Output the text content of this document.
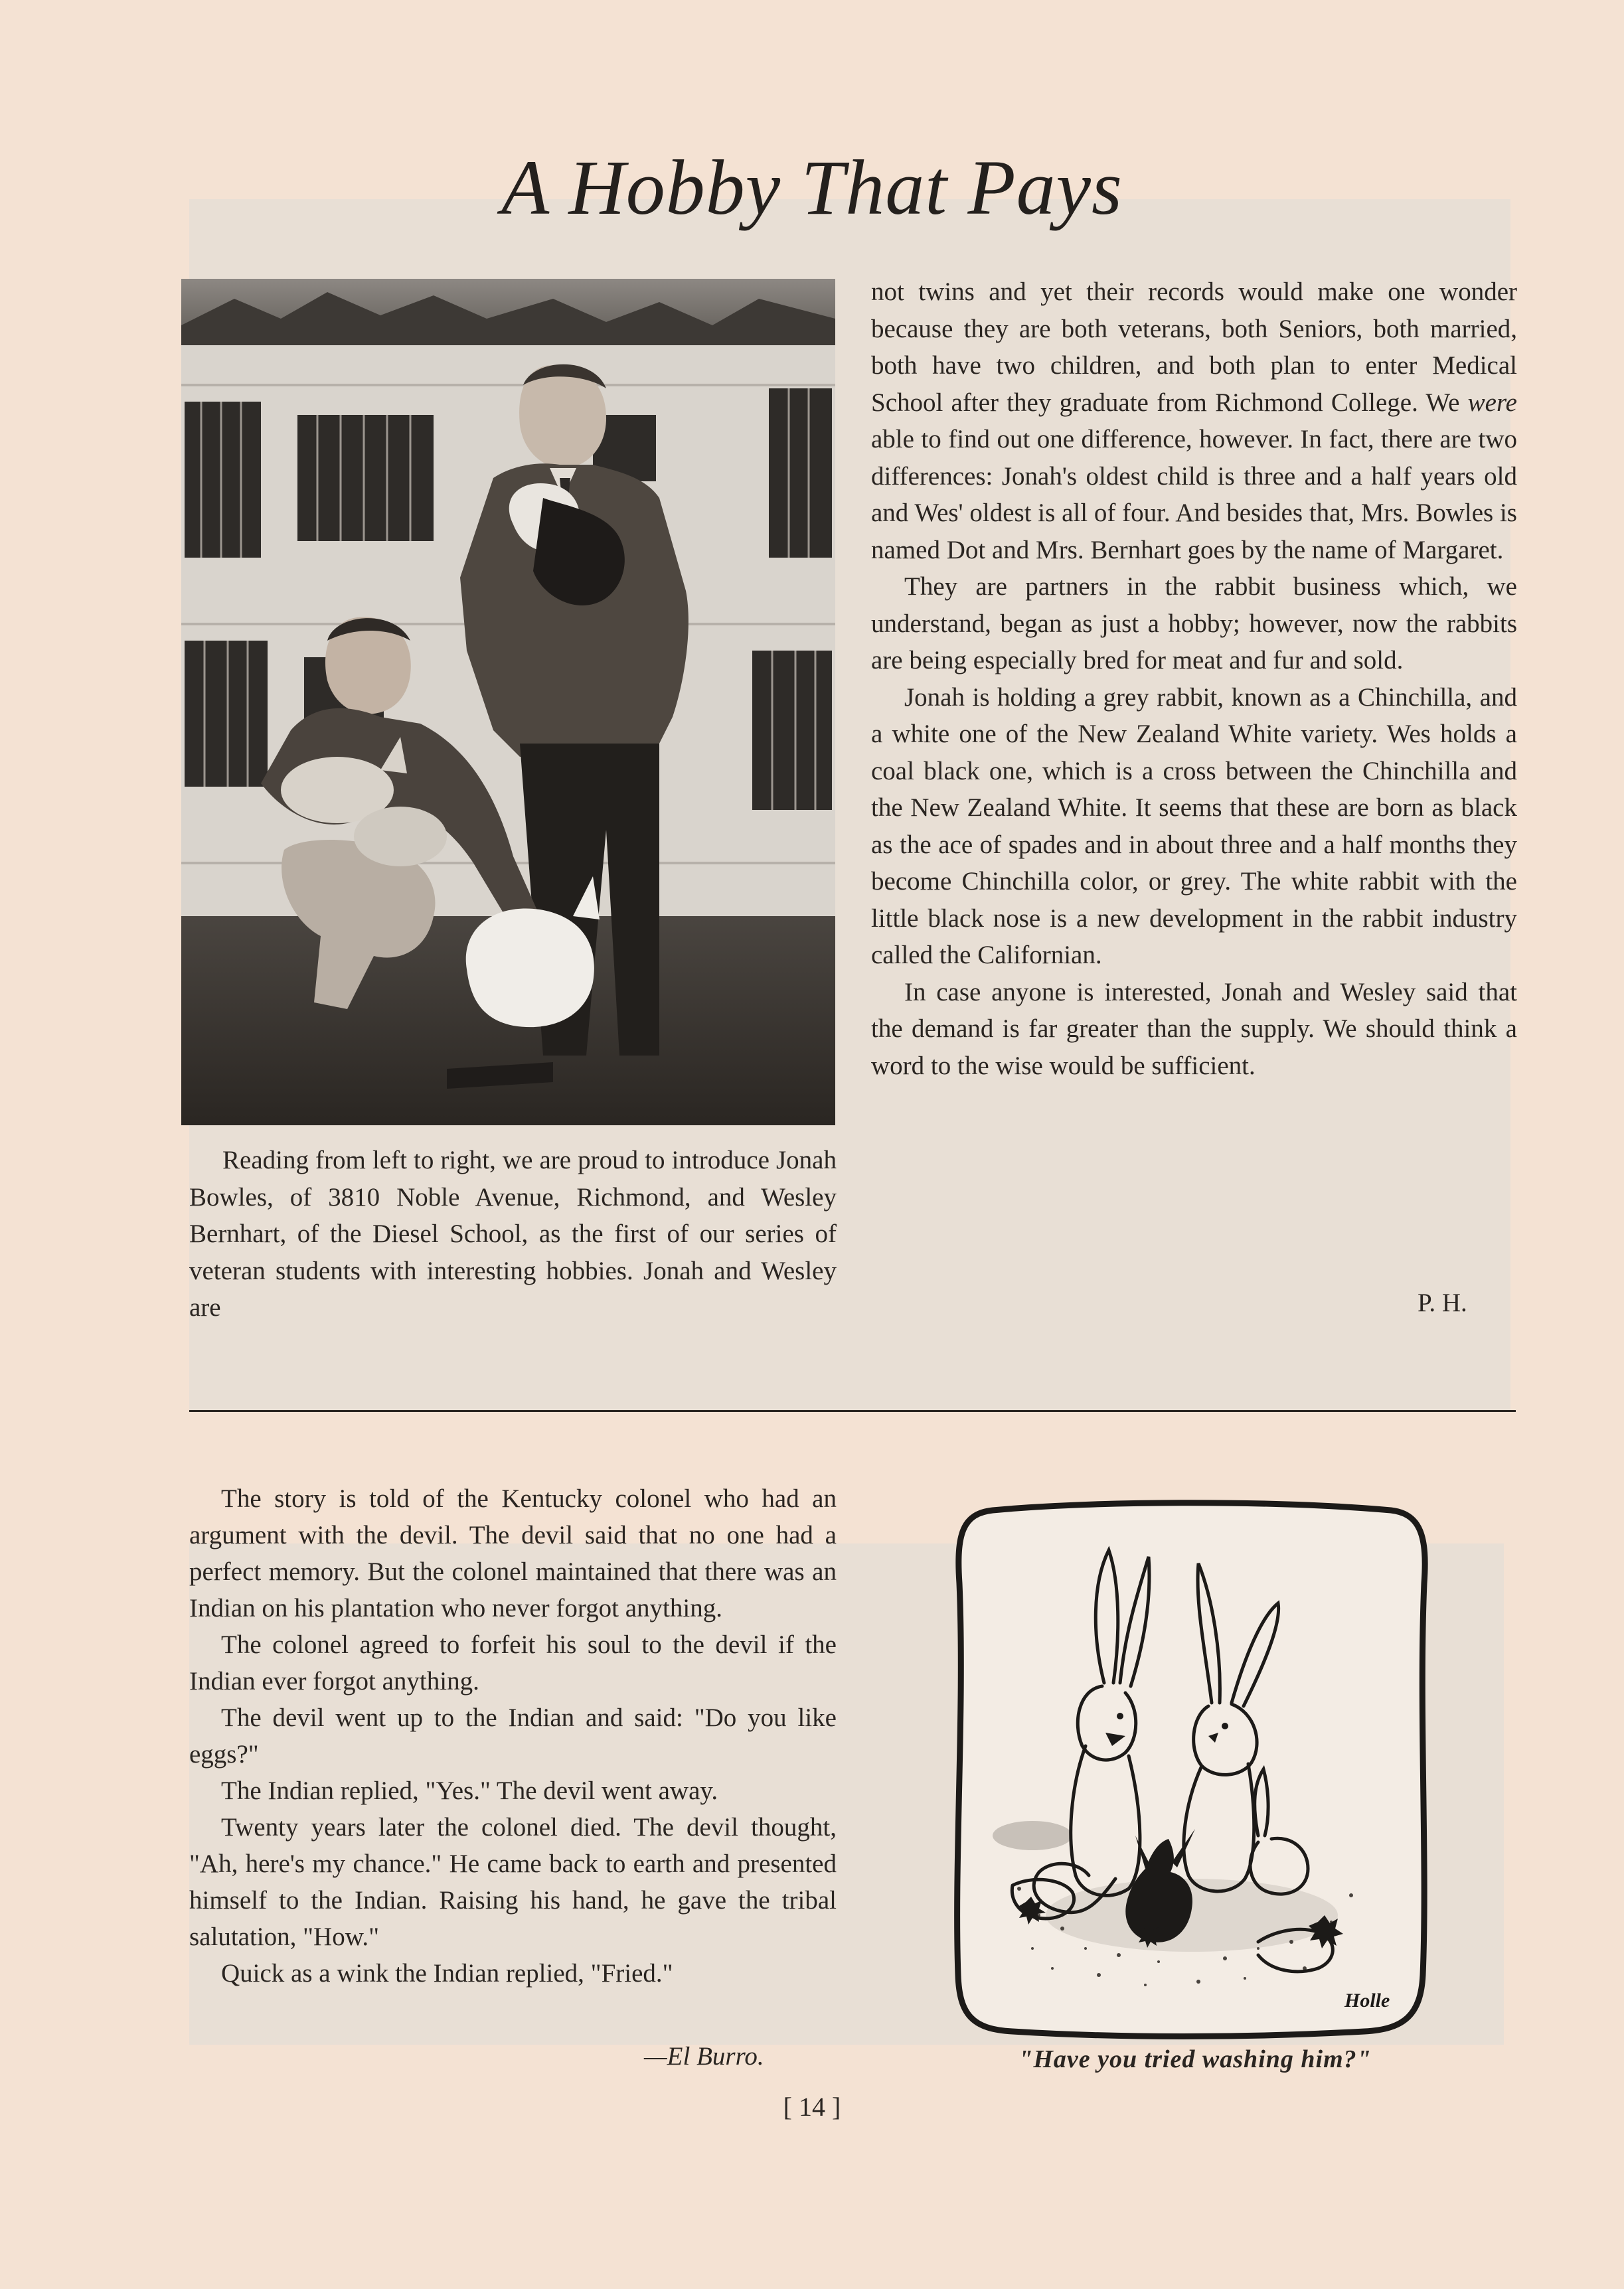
A Hobby That Pays

Reading from left to right, we are proud to introduce Jonah Bowles, of 3810 Noble Avenue, Richmond, and Wesley Bernhart, of the Diesel School, as the first of our series of veteran students with interesting hobbies. Jonah and Wesley are

not twins and yet their records would make one wonder because they are both veterans, both Seniors, both married, both have two children, and both plan to enter Medical School after they graduate from Richmond College. We were able to find out one difference, however. In fact, there are two differences: Jonah's oldest child is three and a half years old and Wes' oldest is all of four. And besides that, Mrs. Bowles is named Dot and Mrs. Bernhart goes by the name of Margaret.

They are partners in the rabbit business which, we understand, began as just a hobby; however, now the rabbits are being especially bred for meat and fur and sold.

Jonah is holding a grey rabbit, known as a Chinchilla, and a white one of the New Zealand White variety. Wes holds a coal black one, which is a cross between the Chinchilla and the New Zealand White. It seems that these are born as black as the ace of spades and in about three and a half months they become Chinchilla color, or grey. The white rabbit with the little black nose is a new development in the rabbit industry called the Californian.

In case anyone is interested, Jonah and Wesley said that the demand is far greater than the supply. We should think a word to the wise would be sufficient.

P. H.

The story is told of the Kentucky colonel who had an argument with the devil. The devil said that no one had a perfect memory. But the colonel maintained that there was an Indian on his plantation who never forgot anything.

The colonel agreed to forfeit his soul to the devil if the Indian ever forgot anything.

The devil went up to the Indian and said: "Do you like eggs?"

The Indian replied, "Yes." The devil went away.

Twenty years later the colonel died. The devil thought, "Ah, here's my chance." He came back to earth and presented himself to the Indian. Raising his hand, he gave the tribal salutation, "How."

Quick as a wink the Indian replied, "Fried."

—El Burro.
Holle
"Have you tried washing him?"
[ 14 ]
